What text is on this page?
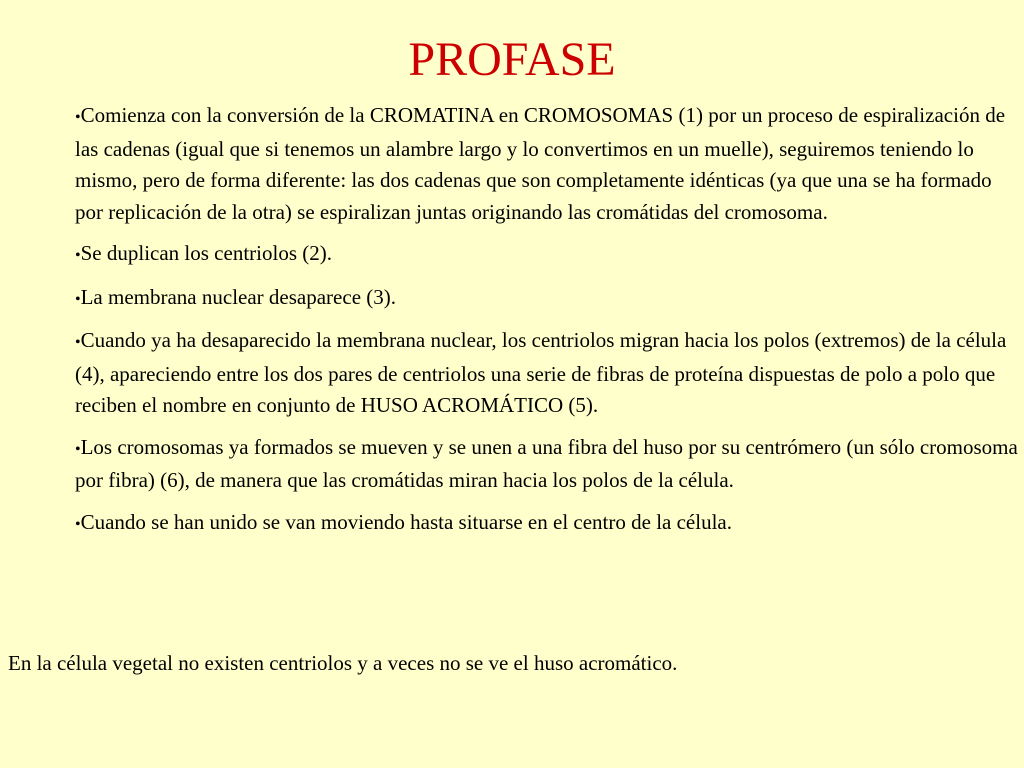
PROFASE
•Comienza con la conversión de la CROMATINA en CROMOSOMAS (1) por un proceso de espiralización de las cadenas (igual que si tenemos un alambre largo y lo convertimos en un muelle), seguiremos teniendo lo mismo, pero de forma diferente: las dos cadenas que son completamente idénticas (ya que una se ha formado por replicación de la otra) se espiralizan juntas originando las cromátidas del cromosoma.
•Se duplican los centriolos (2).
•La membrana nuclear desaparece (3).
•Cuando ya ha desaparecido la membrana nuclear, los centriolos migran hacia los polos (extremos) de la célula (4), apareciendo entre los dos pares de centriolos una serie de fibras de proteína dispuestas de polo a polo que reciben el nombre en conjunto de HUSO ACROMÁTICO (5).
•Los cromosomas ya formados se mueven y se unen a una fibra del huso por su centrómero (un sólo cromosoma por fibra) (6), de manera que las cromátidas miran hacia los polos de la célula.
•Cuando se han unido se van moviendo hasta situarse en el centro de la célula.
En la célula vegetal no existen centriolos y a veces no se ve el huso acromático.
